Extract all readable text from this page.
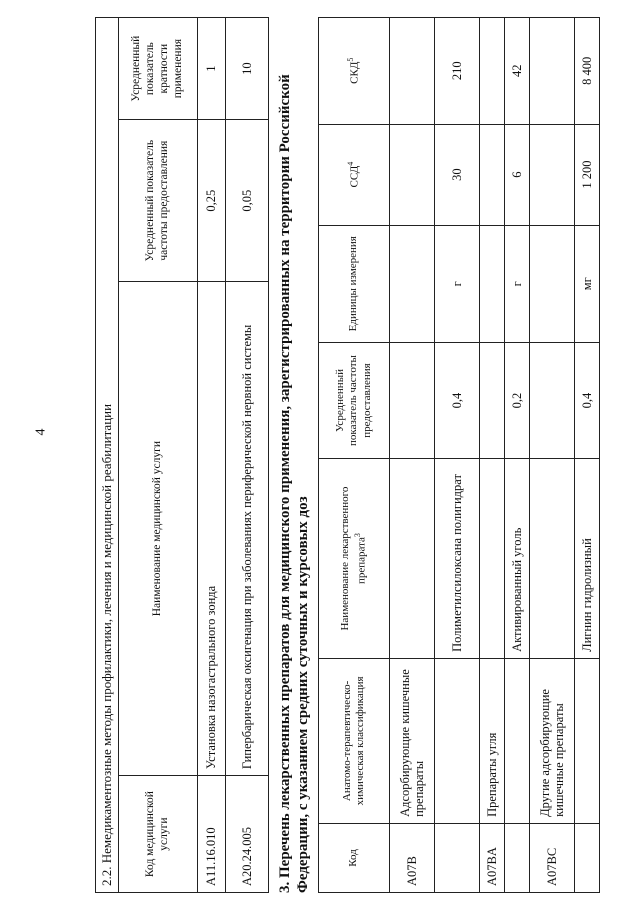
4	2.2. Немедикаментозные методы профилактики, лечения и медицинской реабилитации			
Код медицинской услуги	Наименование медицинской услуги	Усредненный показатель частоты предоставления	Усредненный показатель кратности применения
A11.16.010	Установка назогастрального зонда	0,25	1
A20.24.005	Гипербарическая оксигенация при заболеваниях периферической нервной системы	0,05	10
3. Перечень лекарственных препаратов для медицинского применения, зарегистрированных на территории Российской Федерации, с указанием средних суточных и курсовых доз	Код	Анатомо-терапевтическо-химическая классификация	Наименование лекарственного препарата$^3$	Усредненный показатель частоты предоставления	Единицы измерения	ССД$^4$	СКД$^5$
A07B	Адсорбирующие кишечные препараты					
		Полиметилсилоксана полигидрат	0,4	г	30	210
A07BA	Препараты угля					
		Активированный уголь	0,2	г	6	42
A07BC	Другие адсорбирующие кишечные препараты					
		Лигнин гидролизный	0,4	мг	1 200	8 400
